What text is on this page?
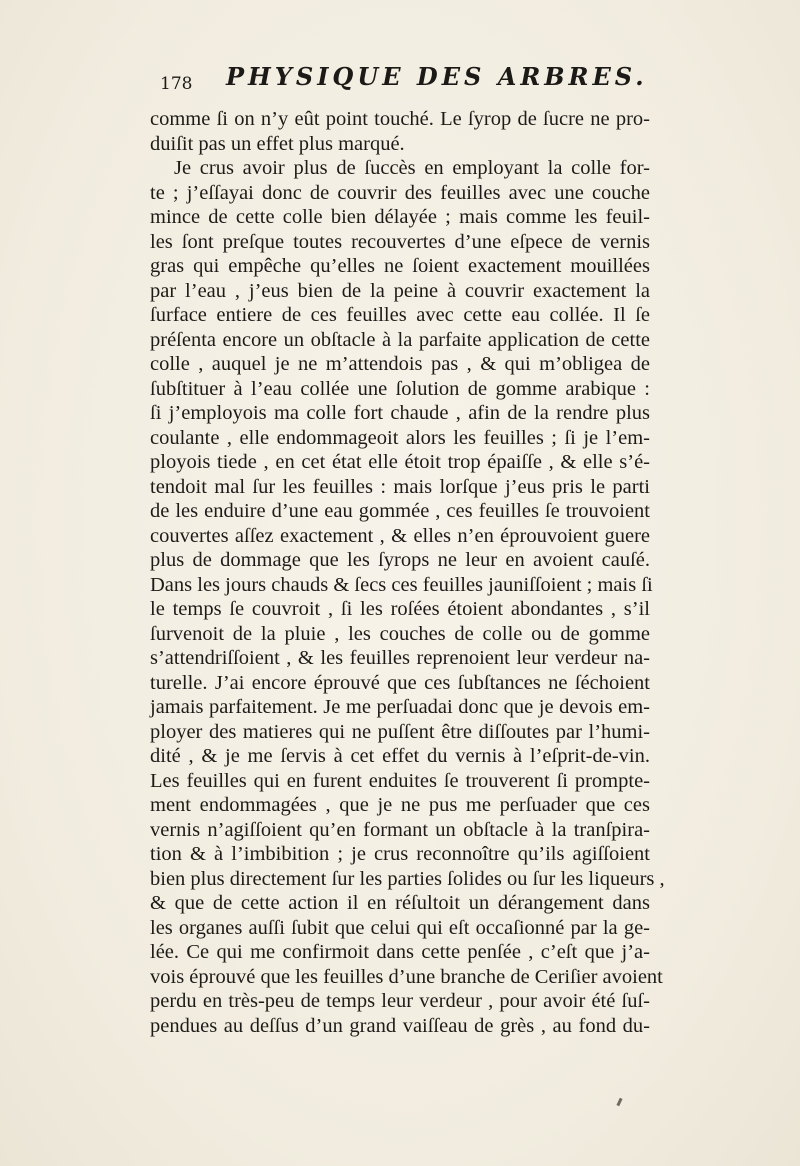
178 PHYSIQUE DES ARBRES.
comme ſi on n’y eût point touché. Le ſyrop de ſucre ne pro-
duiſit pas un effet plus marqué.
Je crus avoir plus de ſuccès en employant la colle for-
te ; j’eſſayai donc de couvrir des feuilles avec une couche
mince de cette colle bien délayée ; mais comme les feuil-
les ſont preſque toutes recouvertes d’une eſpece de vernis
gras qui empêche qu’elles ne ſoient exactement mouillées
par l’eau , j’eus bien de la peine à couvrir exactement la
ſurface entiere de ces feuilles avec cette eau collée. Il ſe
préſenta encore un obſtacle à la parfaite application de cette
colle , auquel je ne m’attendois pas , & qui m’obligea de
ſubſtituer à l’eau collée une ſolution de gomme arabique :
ſi j’employois ma colle fort chaude , afin de la rendre plus
coulante , elle endommageoit alors les feuilles ; ſi je l’em-
ployois tiede , en cet état elle étoit trop épaiſſe , & elle s’é-
tendoit mal ſur les feuilles : mais lorſque j’eus pris le parti
de les enduire d’une eau gommée , ces feuilles ſe trouvoient
couvertes aſſez exactement , & elles n’en éprouvoient guere
plus de dommage que les ſyrops ne leur en avoient cauſé.
Dans les jours chauds & ſecs ces feuilles jauniſſoient ; mais ſi
le temps ſe couvroit , ſi les roſées étoient abondantes , s’il
ſurvenoit de la pluie , les couches de colle ou de gomme
s’attendriſſoient , & les feuilles reprenoient leur verdeur na-
turelle. J’ai encore éprouvé que ces ſubſtances ne ſéchoient
jamais parfaitement. Je me perſuadai donc que je devois em-
ployer des matieres qui ne puſſent être diſſoutes par l’humi-
dité , & je me ſervis à cet effet du vernis à l’eſprit-de-vin.
Les feuilles qui en furent enduites ſe trouverent ſi prompte-
ment endommagées , que je ne pus me perſuader que ces
vernis n’agiſſoient qu’en formant un obſtacle à la tranſpira-
tion & à l’imbibition ; je crus reconnoître qu’ils agiſſoient
bien plus directement ſur les parties ſolides ou ſur les liqueurs ,
& que de cette action il en réſultoit un dérangement dans
les organes auſſi ſubit que celui qui eſt occaſionné par la ge-
lée. Ce qui me confirmoit dans cette penſée , c’eſt que j’a-
vois éprouvé que les feuilles d’une branche de Ceriſier avoient
perdu en très-peu de temps leur verdeur , pour avoir été ſuſ-
pendues au deſſus d’un grand vaiſſeau de grès , au fond du-
